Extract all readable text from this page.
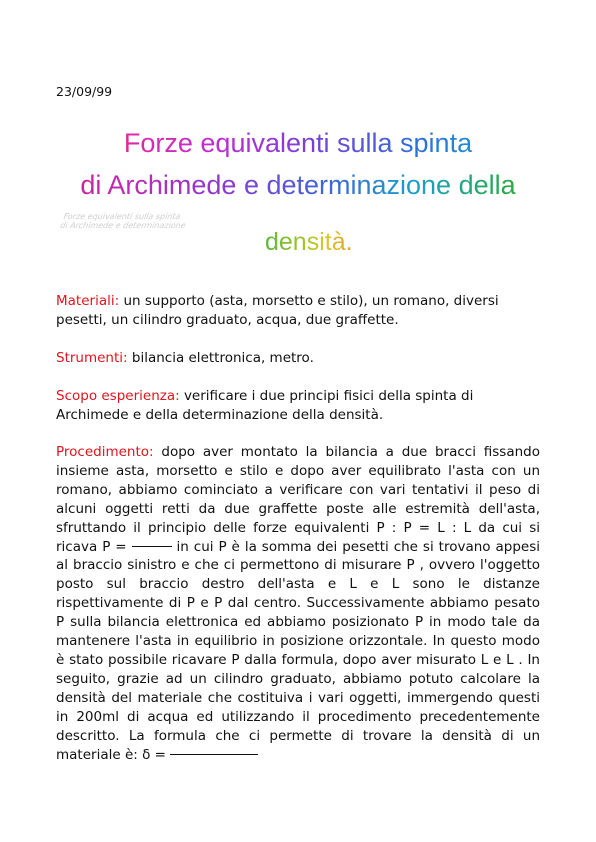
23/09/99
Forze equivalenti sulla spinta
di Archimede e determinazione della
Forze equivalenti sulla spinta
di Archimede e determinazione
densità.
Materiali: un supporto (asta, morsetto e stilo), un romano, diversi pesetti, un cilindro graduato, acqua, due graffette.
Strumenti: bilancia elettronica, metro.
Scopo esperienza: verificare i due principi fisici della spinta di Archimede e della determinazione della densità.
Procedimento: dopo aver montato la bilancia a due bracci fissando insieme asta, morsetto e stilo e dopo aver equilibrato l'asta con un romano, abbiamo cominciato a verificare con vari tentativi il peso di alcuni oggetti retti da due graffette poste alle estremità dell'asta, sfruttando il principio delle forze equivalenti P : P = L : L da cui si ricava P =	in cui P è la somma dei pesetti che si trovano appesi al braccio sinistro e che ci permettono di misurare P , ovvero l'oggetto posto sul braccio destro dell'asta e L e L sono le distanze rispettivamente di P e P dal centro. Successivamente abbiamo pesato P sulla bilancia elettronica ed abbiamo posizionato P in modo tale da mantenere l'asta in equilibrio in posizione orizzontale. In questo modo è stato possibile ricavare P dalla formula, dopo aver misurato L e L . In seguito, grazie ad un cilindro graduato, abbiamo potuto calcolare la densità del materiale che costituiva i vari oggetti, immergendo questi in 200ml di acqua ed utilizzando il procedimento precedentemente descritto. La formula che ci permette di trovare la densità di un materiale è: δ =
